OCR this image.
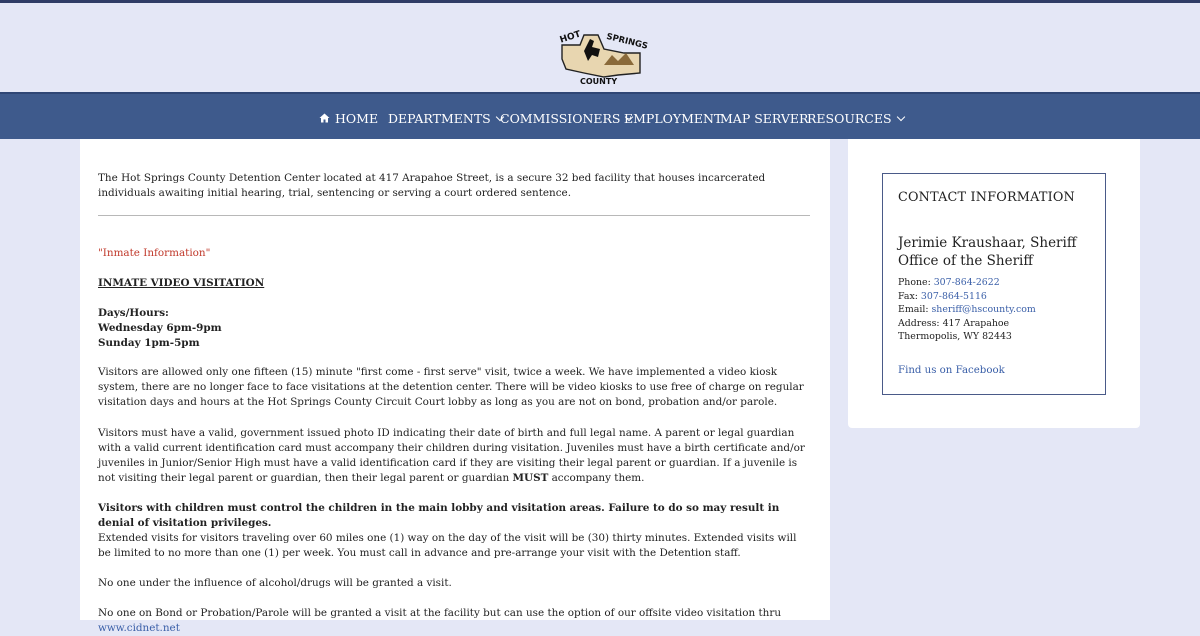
HOT	SPRINGS
COUNTY
HOME DEPARTMENTS COMMISSIONERS EMPLOYMENT
MAP SERVER
RESOURCES
The Hot Springs County Detention Center located at 417 Arapahoe Street, is a secure 32 bed facility that houses incarcerated individuals awaiting initial hearing, trial, sentencing or serving a court ordered sentence.
"Inmate Information"
INMATE VIDEO VISITATION
Days/Hours:
Wednesday 6pm-9pm
Sunday 1pm-5pm
Visitors are allowed only one fifteen (15) minute "first come - first serve" visit, twice a week. We have implemented a video kiosk system, there are no longer face to face visitations at the detention center. There will be video kiosks to use free of charge on regular visitation days and hours at the Hot Springs County Circuit Court lobby as long as you are not on bond, probation and/or parole.
Visitors must have a valid, government issued photo ID indicating their date of birth and full legal name. A parent or legal guardian with a valid current identification card must accompany their children during visitation. Juveniles must have a birth certificate and/or juveniles in Junior/Senior High must have a valid identification card if they are visiting their legal parent or guardian. If a juvenile is not visiting their legal parent or guardian, then their legal parent or guardian MUST accompany them.
Visitors with children must control the children in the main lobby and visitation areas. Failure to do so may result in denial of visitation privileges.
Extended visits for visitors traveling over 60 miles one (1) way on the day of the visit will be (30) thirty minutes. Extended visits will be limited to no more than one (1) per week. You must call in advance and pre-arrange your visit with the Detention staff.
No one under the influence of alcohol/drugs will be granted a visit.
No one on Bond or Probation/Parole will be granted a visit at the facility but can use the option of our offsite video visitation thru www.cidnet.net
CONTACT INFORMATION
Jerimie Kraushaar, Sheriff
Office of the Sheriff
Phone: 307-864-2622
Fax: 307-864-5116
Email: sheriff@hscounty.com
Address: 417 Arapahoe
Thermopolis, WY 82443
Find us on Facebook
